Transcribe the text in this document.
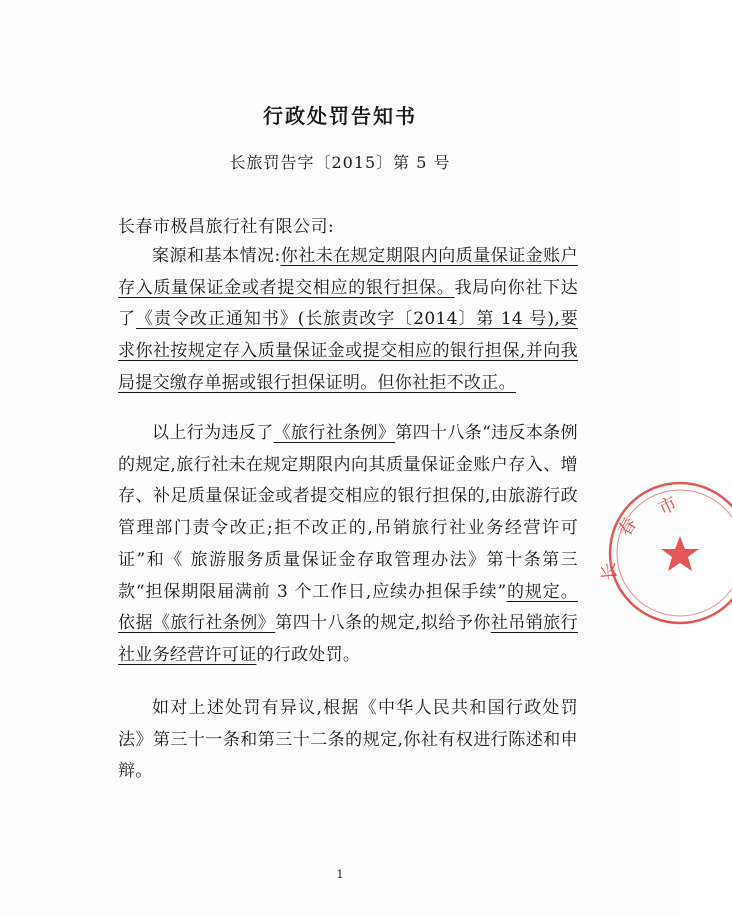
行政处罚告知书
长旅罚告字〔2015〕第 5 号
长春市极昌旅行社有限公司:
案源和基本情况:你社未在规定期限内向质量保证金账户存入质量保证金或者提交相应的银行担保。我局向你社下达了《责令改正通知书》(长旅责改字〔2014〕第 14 号),要求你社按规定存入质量保证金或提交相应的银行担保,并向我局提交缴存单据或银行担保证明。但你社拒不改正。
以上行为违反了《旅行社条例》第四十八条“违反本条例的规定,旅行社未在规定期限内向其质量保证金账户存入、增存、补足质量保证金或者提交相应的银行担保的,由旅游行政管理部门责令改正;拒不改正的,吊销旅行社业务经营许可证”和《 旅游服务质量保证金存取管理办法》第十条第三款“担保期限届满前 3 个工作日,应续办担保手续”的规定。依据《旅行社条例》第四十八条的规定,拟给予你社吊销旅行社业务经营许可证的行政处罚。
如对上述处罚有异议,根据《中华人民共和国行政处罚法》第三十一条和第三十二条的规定,你社有权进行陈述和申辩。
1
市
春
长
